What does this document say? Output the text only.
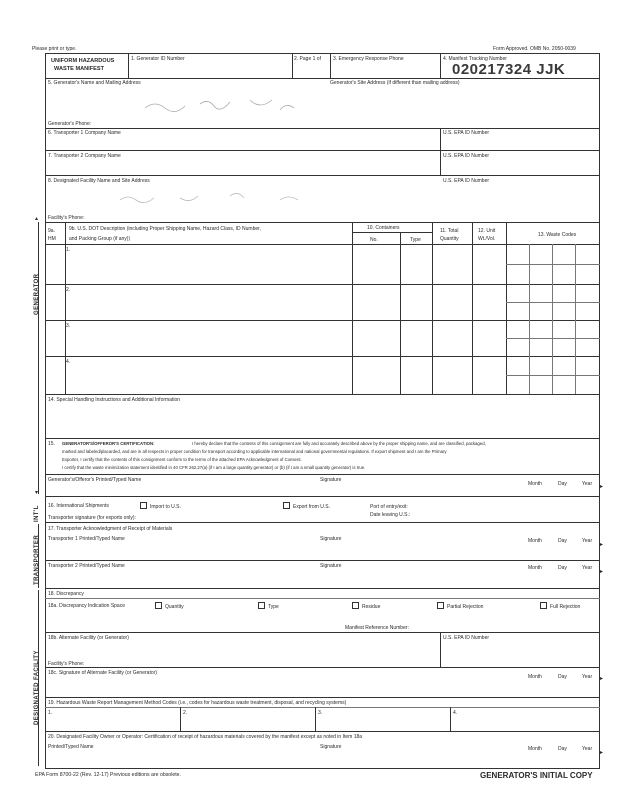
Please print or type.	Form Approved. OMB No. 2050-0039
UNIFORM HAZARDOUS
WASTE MANIFEST
1. Generator ID Number	2. Page 1 of 3. Emergency Response Phone	4. Manifest Tracking Number
020217324 JJK
5. Generator's Name and Mailing Address	Generator's Site Address (if different than mailing address)
Generator's Phone:
6. Transporter 1 Company Name	U.S. EPA ID Number
7. Transporter 2 Company Name	U.S. EPA ID Number
8. Designated Facility Name and Site Address	U.S. EPA ID Number
Facility's Phone:
9a.
HM
9b. U.S. DOT Description (including Proper Shipping Name, Hazard Class, ID Number,
and Packing Group (if any))
10. Containers
No.	Type
11. Total
Quantity
12. Unit
Wt./Vol.
13. Waste Codes
1.
2.
3.
4.
14. Special Handling Instructions and Additional Information
15. GENERATOR'S/OFFEROR'S CERTIFICATION:	I hereby declare that the contents of this consignment are fully and accurately described above by the proper shipping name, and are classified, packaged,
marked and labeled/placarded, and are in all respects in proper condition for transport according to applicable international and national governmental regulations. If export shipment and I am the Primary
Exporter, I certify that the contents of this consignment conform to the terms of the attached EPA Acknowledgment of Consent.
I certify that the waste minimization statement identified in 40 CFR 262.27(a) (if I am a large quantity generator) or (b) (if I am a small quantity generator) is true.
Generator's/Offeror's Printed/Typed Name	Signature
Month	Day	Year ▸
16. International Shipments	Import to U.S.	Export from U.S.	Port of entry/exit:
Date leaving U.S.:
Transporter signature (for exports only):
17. Transporter Acknowledgment of Receipt of Materials
Transporter 1 Printed/Typed Name	Signature	Month	Day	Year
▸
Transporter 2 Printed/Typed Name	Signature	Month	Day	Year
▸
18. Discrepancy
18a. Discrepancy Indication Space	Quantity	Type	Residue	Partial Rejection	Full Rejection
Manifest Reference Number:
18b. Alternate Facility (or Generator)	U.S. EPA ID Number
Facility's Phone:
18c. Signature of Alternate Facility (or Generator)
Month	Day	Year ▸
19. Hazardous Waste Report Management Method Codes (i.e., codes for hazardous waste treatment, disposal, and recycling systems)
1.	2.	3.	4.
20. Designated Facility Owner or Operator: Certification of receipt of hazardous materials covered by the manifest except as noted in Item 18a
Printed/Typed Name	Signature	Month	Day	Year
▸
▴
▾
GENERATOR
INT'L
TRANSPORTER
DESIGNATED FACILITY
EPA Form 8700-22 (Rev. 12-17) Previous editions are obsolete.	GENERATOR'S INITIAL COPY
